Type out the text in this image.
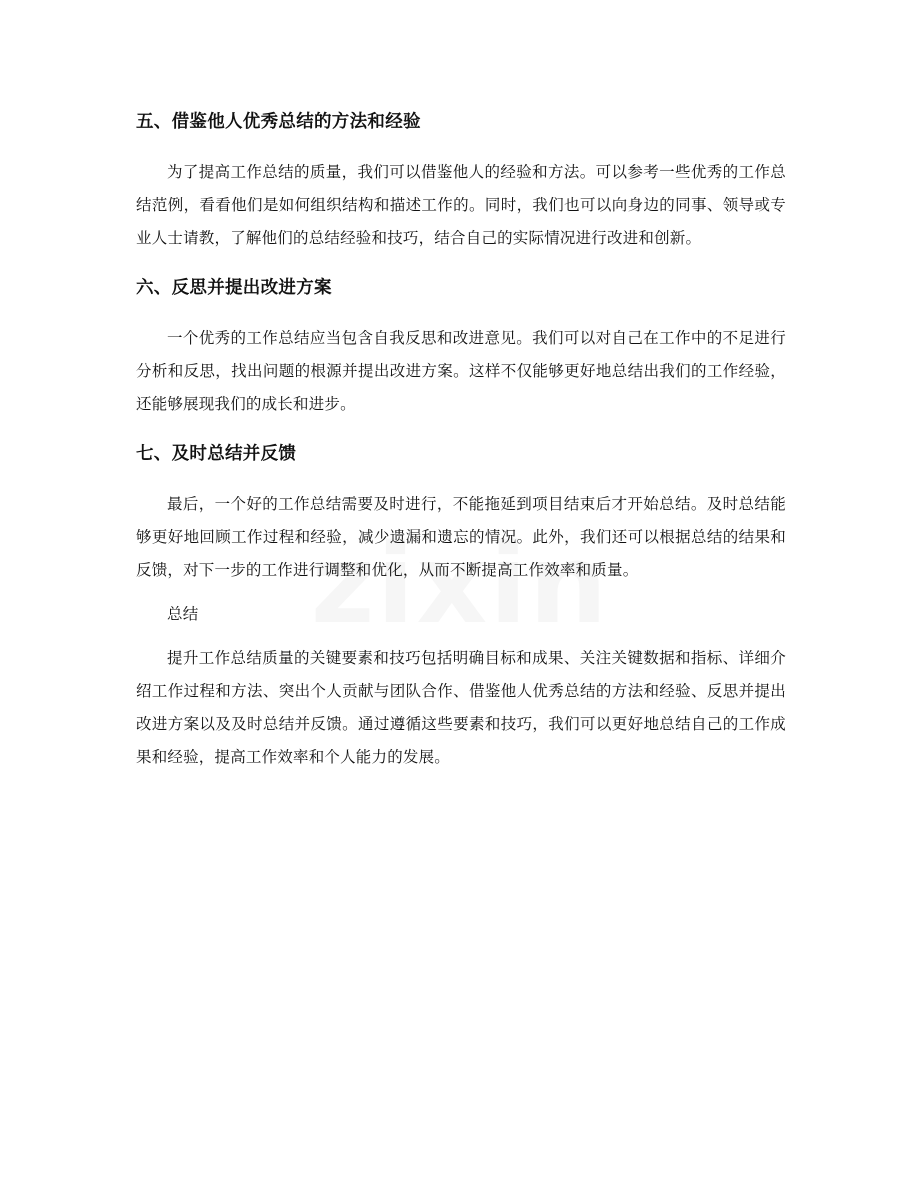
五、借鉴他人优秀总结的方法和经验

为了提高工作总结的质量，我们可以借鉴他人的经验和方法。可以参考一些优秀的工作总结范例，看看他们是如何组织结构和描述工作的。同时，我们也可以向身边的同事、领导或专业人士请教，了解他们的总结经验和技巧，结合自己的实际情况进行改进和创新。

六、反思并提出改进方案

一个优秀的工作总结应当包含自我反思和改进意见。我们可以对自己在工作中的不足进行分析和反思，找出问题的根源并提出改进方案。这样不仅能够更好地总结出我们的工作经验，还能够展现我们的成长和进步。

七、及时总结并反馈

最后，一个好的工作总结需要及时进行，不能拖延到项目结束后才开始总结。及时总结能够更好地回顾工作过程和经验，减少遗漏和遗忘的情况。此外，我们还可以根据总结的结果和反馈，对下一步的工作进行调整和优化，从而不断提高工作效率和质量。

总结

提升工作总结质量的关键要素和技巧包括明确目标和成果、关注关键数据和指标、详细介绍工作过程和方法、突出个人贡献与团队合作、借鉴他人优秀总结的方法和经验、反思并提出改进方案以及及时总结并反馈。通过遵循这些要素和技巧，我们可以更好地总结自己的工作成果和经验，提高工作效率和个人能力的发展。
